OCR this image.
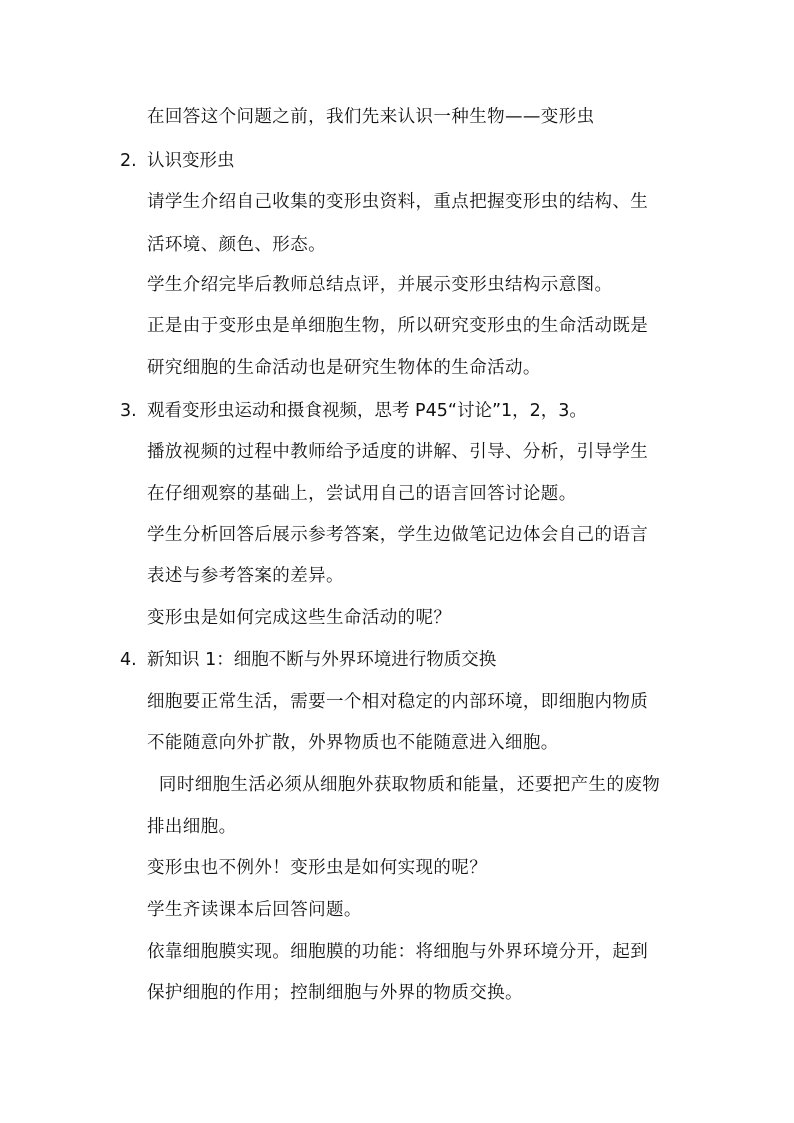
在回答这个问题之前，我们先来认识一种生物——变形虫
2. 认识变形虫
请学生介绍自己收集的变形虫资料，重点把握变形虫的结构、生
活环境、颜色、形态。
学生介绍完毕后教师总结点评，并展示变形虫结构示意图。
正是由于变形虫是单细胞生物，所以研究变形虫的生命活动既是
研究细胞的生命活动也是研究生物体的生命活动。
3. 观看变形虫运动和摄食视频，思考 P45“讨论”1，2，3。
播放视频的过程中教师给予适度的讲解、引导、分析，引导学生
在仔细观察的基础上，尝试用自己的语言回答讨论题。
学生分析回答后展示参考答案，学生边做笔记边体会自己的语言
表述与参考答案的差异。
变形虫是如何完成这些生命活动的呢？
4. 新知识 1：细胞不断与外界环境进行物质交换
细胞要正常生活，需要一个相对稳定的内部环境，即细胞内物质
不能随意向外扩散，外界物质也不能随意进入细胞。
同时细胞生活必须从细胞外获取物质和能量，还要把产生的废物
排出细胞。
变形虫也不例外！变形虫是如何实现的呢？
学生齐读课本后回答问题。
依靠细胞膜实现。细胞膜的功能：将细胞与外界环境分开，起到
保护细胞的作用；控制细胞与外界的物质交换。
